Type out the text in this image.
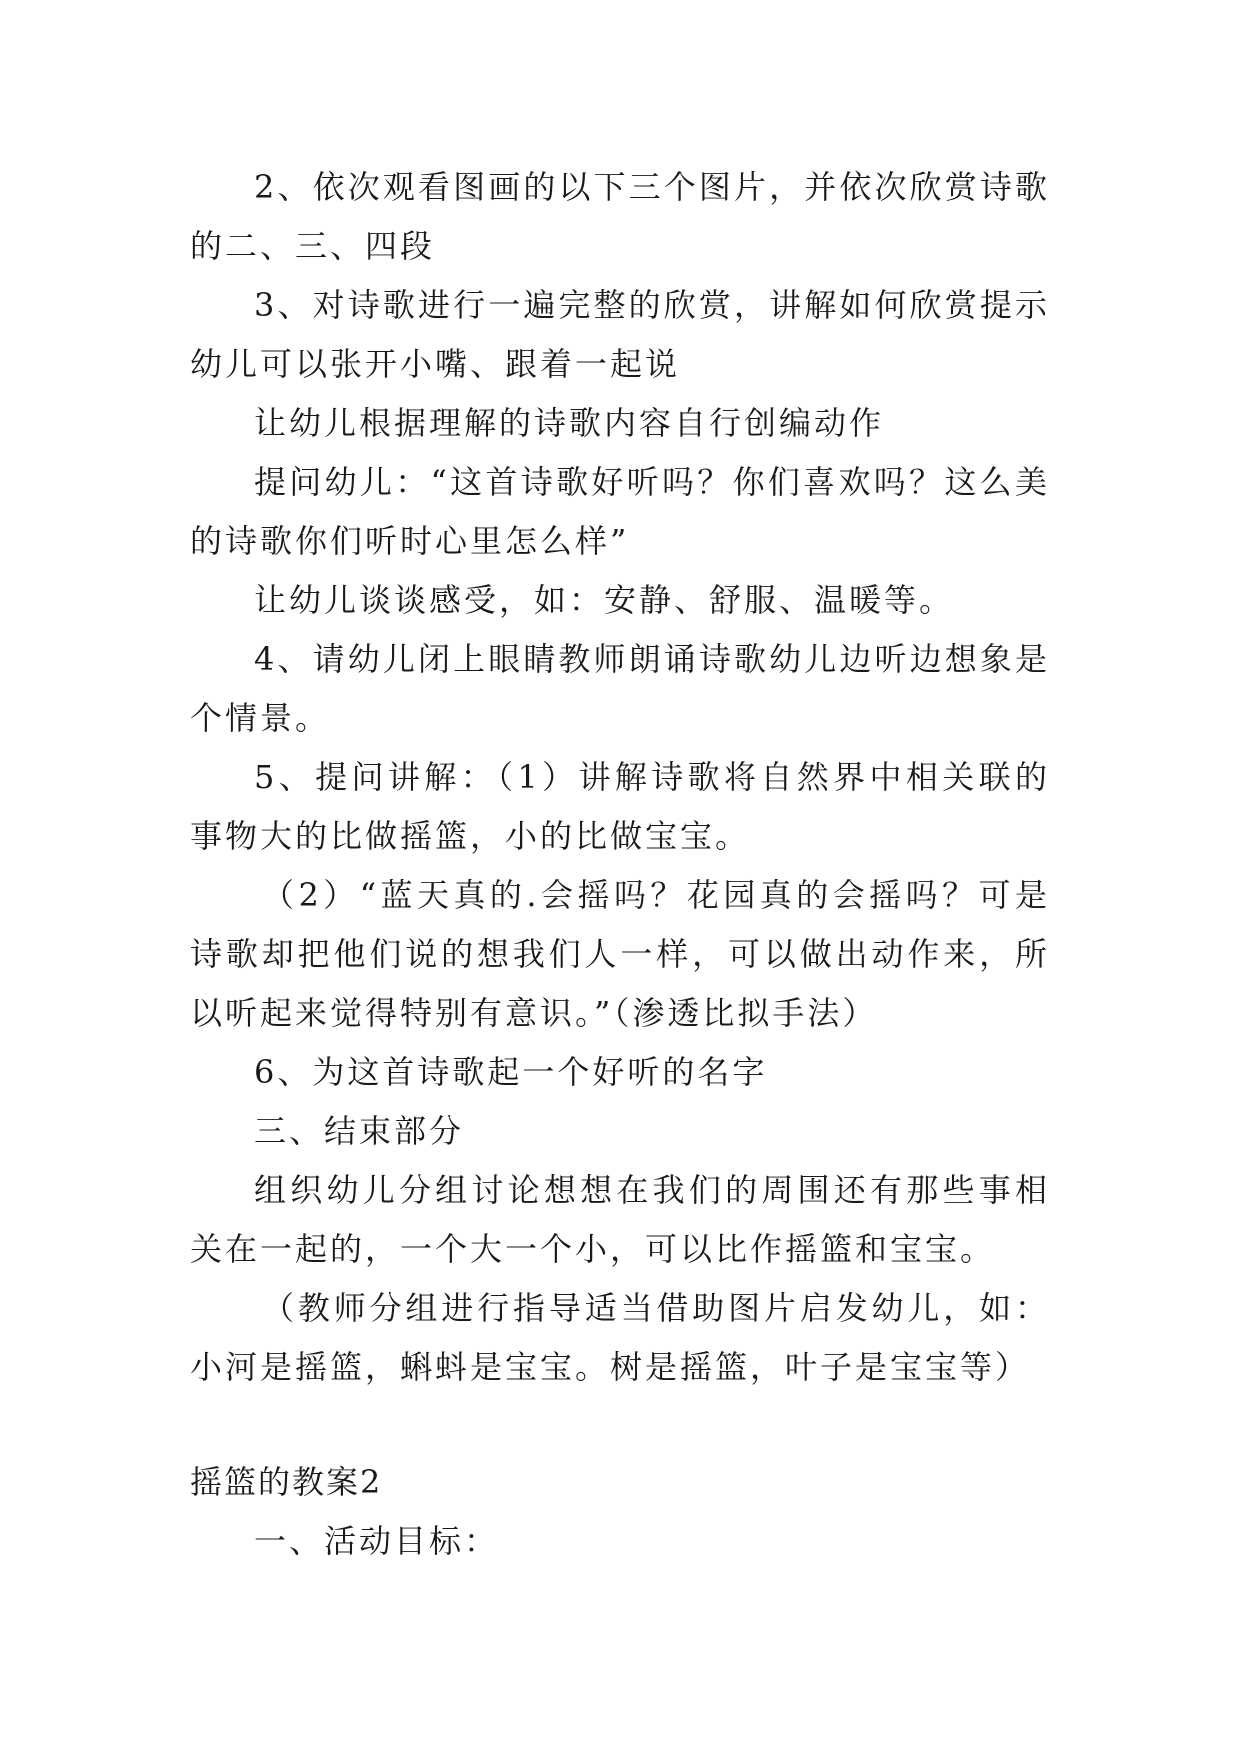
2、依次观看图画的以下三个图片，并依次欣赏诗歌的二、三、四段

3、对诗歌进行一遍完整的欣赏，讲解如何欣赏提示幼儿可以张开小嘴、跟着一起说

让幼儿根据理解的诗歌内容自行创编动作

提问幼儿：“这首诗歌好听吗？你们喜欢吗？这么美的诗歌你们听时心里怎么样”

让幼儿谈谈感受，如：安静、舒服、温暖等。

4、请幼儿闭上眼睛教师朗诵诗歌幼儿边听边想象是个情景。

5、提问讲解：（1）讲解诗歌将自然界中相关联的事物大的比做摇篮，小的比做宝宝。

（2）“蓝天真的.会摇吗？花园真的会摇吗？可是诗歌却把他们说的想我们人一样，可以做出动作来，所以听起来觉得特别有意识。”（渗透比拟手法）

6、为这首诗歌起一个好听的名字

三、结束部分

组织幼儿分组讨论想想在我们的周围还有那些事相关在一起的，一个大一个小，可以比作摇篮和宝宝。

（教师分组进行指导适当借助图片启发幼儿，如：小河是摇篮，蝌蚪是宝宝。树是摇篮，叶子是宝宝等）

摇篮的教案2

一、活动目标：
